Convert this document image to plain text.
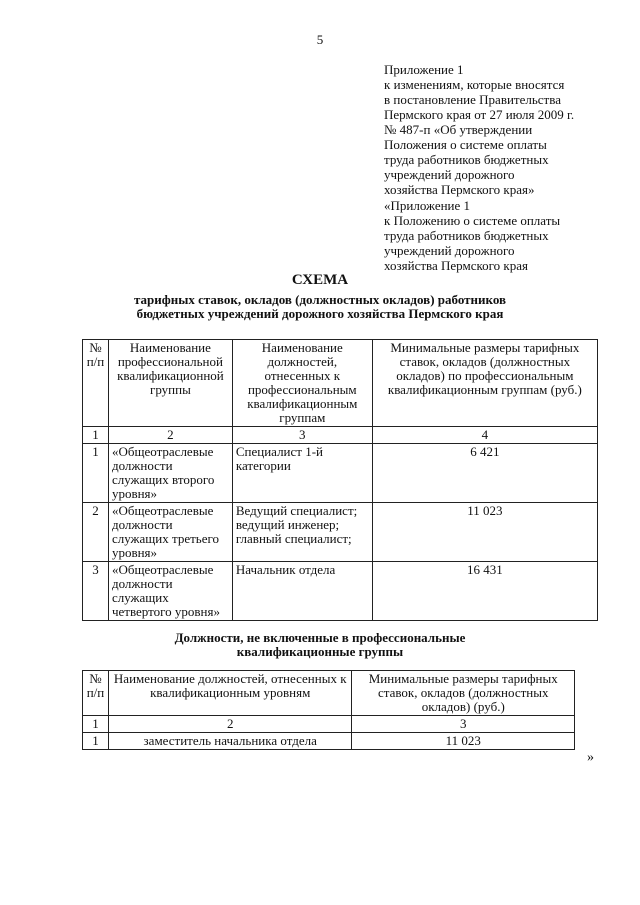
5
Приложение 1
к изменениям, которые вносятся
в постановление Правительства
Пермского края от 27 июля 2009 г.
№ 487-п «Об утверждении
Положения о системе оплаты
труда работников бюджетных
учреждений дорожного
хозяйства Пермского края»
«Приложение 1
к Положению о системе оплаты
труда работников бюджетных
учреждений дорожного
хозяйства Пермского края
СХЕМА
тарифных ставок, окладов (должностных окладов) работников
бюджетных учреждений дорожного хозяйства Пермского края
№ п/п	Наименование профессиональной квалификационной группы	Наименование должностей, отнесенных к профессиональным квалификационным группам	Минимальные размеры тарифных ставок, окладов (должностных окладов) по профессиональным квалификационным группам (руб.)
1	2	3	4
1	«Общеотраслевые должности служащих второго уровня»	Специалист 1-й категории	6 421
2	«Общеотраслевые должности служащих третьего уровня»	Ведущий специалист; ведущий инженер; главный специалист;	11 023
3	«Общеотраслевые должности служащих четвертого уровня»	Начальник отдела	16 431
Должности, не включенные в профессиональные
квалификационные группы
№ п/п	Наименование должностей, отнесенных к квалификационным уровням	Минимальные размеры тарифных ставок, окладов (должностных окладов) (руб.)
1	2	3
1	заместитель начальника отдела	11 023
»
